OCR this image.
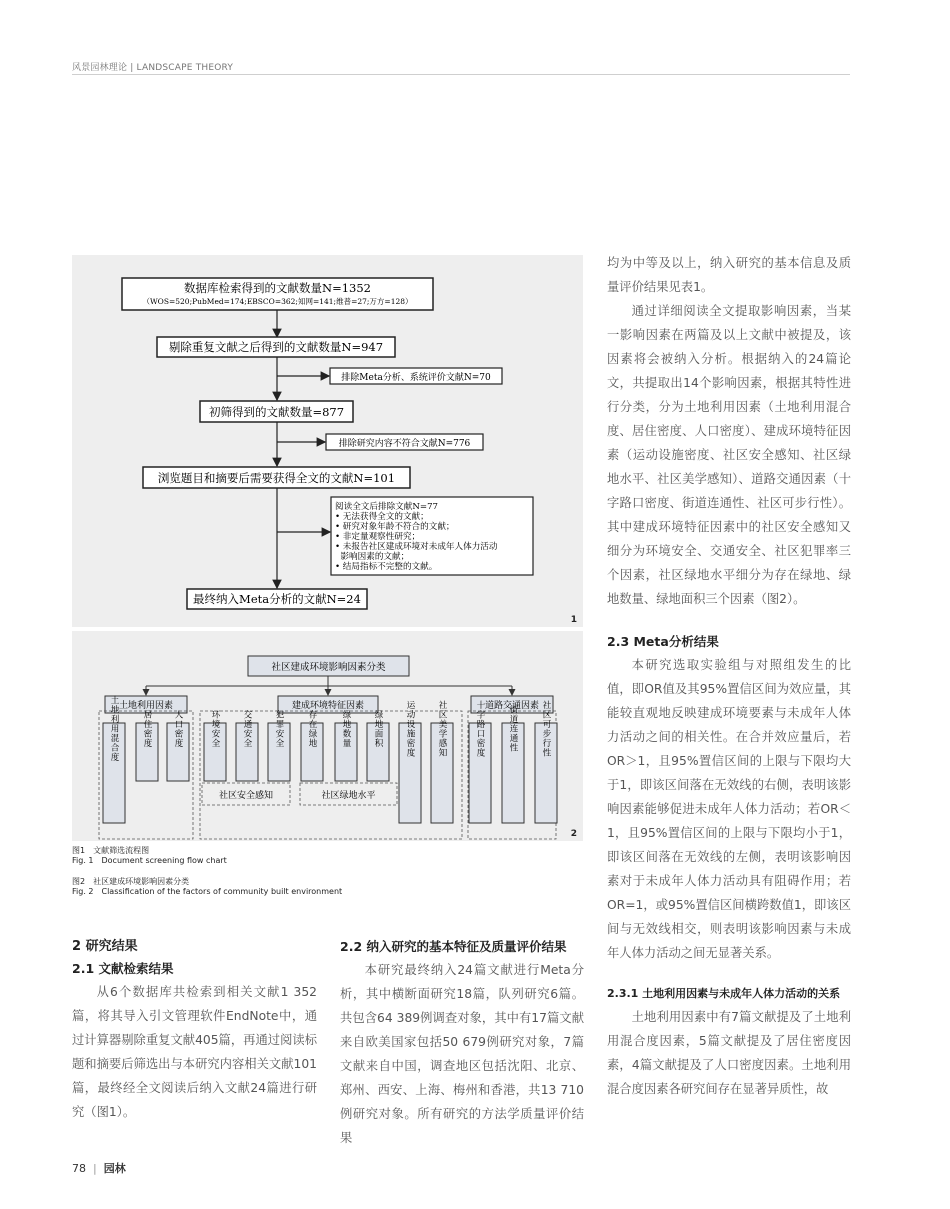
风景园林理论 | LANDSCAPE THEORY
数据库检索得到的文献数量N=1352
（WOS=520;PubMed=174;EBSCO=362;知网=141;维普=27;万方=128）
剔除重复文献之后得到的文献数量N=947
排除Meta分析、系统评价文献N=70
初筛得到的文献数量=877
排除研究内容不符合文献N=776
浏览题目和摘要后需要获得全文的文献N=101
阅读全文后排除文献N=77
• 无法获得全文的文献；
• 研究对象年龄不符合的文献；
• 非定量观察性研究；
• 未报告社区建成环境对未成年人体力活动
影响因素的文献；
• 结局指标不完整的文献。
最终纳入Meta分析的文献N=24
1
社区建成环境影响因素分类
土地利用因素	建成环境特征因素	道路交通因素
社区安全感知	社区绿地水平
土地利用混合度	居住密度 人口密度	环境安全	交通安全	犯罪安全	存在绿地	绿地数量	绿地面积	运动设施密度	社区美学感知	十字路口密度	街道连通性	社区可步行性
2
图1　文献筛选流程图
Fig. 1　Document screening flow chart
图2　社区建成环境影响因素分类
Fig. 2　Classification of the factors of community built environment
2 研究结果
2.1 文献检索结果

从6个数据库共检索到相关文献1 352篇，将其导入引文管理软件EndNote中，通过计算器剔除重复文献405篇，再通过阅读标题和摘要后筛选出与本研究内容相关文献101篇，最终经全文阅读后纳入文献24篇进行研究（图1）。

2.2 纳入研究的基本特征及质量评价结果

本研究最终纳入24篇文献进行Meta分析，其中横断面研究18篇，队列研究6篇。共包含64 389例调查对象，其中有17篇文献来自欧美国家包括50 679例研究对象，7篇文献来自中国，调查地区包括沈阳、北京、郑州、西安、上海、梅州和香港，共13 710例研究对象。所有研究的方法学质量评价结果

均为中等及以上，纳入研究的基本信息及质量评价结果见表1。

通过详细阅读全文提取影响因素，当某一影响因素在两篇及以上文献中被提及，该因素将会被纳入分析。根据纳入的24篇论文，共提取出14个影响因素，根据其特性进行分类，分为土地利用因素（土地利用混合度、居住密度、人口密度）、建成环境特征因素（运动设施密度、社区安全感知、社区绿地水平、社区美学感知）、道路交通因素（十字路口密度、街道连通性、社区可步行性）。其中建成环境特征因素中的社区安全感知又细分为环境安全、交通安全、社区犯罪率三个因素，社区绿地水平细分为存在绿地、绿地数量、绿地面积三个因素（图2）。

2.3 Meta分析结果

本研究选取实验组与对照组发生的比值，即OR值及其95%置信区间为效应量，其能较直观地反映建成环境要素与未成年人体力活动之间的相关性。在合并效应量后，若OR＞1，且95%置信区间的上限与下限均大于1，即该区间落在无效线的右侧，表明该影响因素能够促进未成年人体力活动；若OR＜1，且95%置信区间的上限与下限均小于1，即该区间落在无效线的左侧，表明该影响因素对于未成年人体力活动具有阻碍作用；若OR=1，或95%置信区间横跨数值1，即该区间与无效线相交，则表明该影响因素与未成年人体力活动之间无显著关系。

2.3.1 土地利用因素与未成年人体力活动的关系

土地利用因素中有7篇文献提及了土地利用混合度因素，5篇文献提及了居住密度因素，4篇文献提及了人口密度因素。土地利用混合度因素各研究间存在显著异质性，故

78  |  园林
